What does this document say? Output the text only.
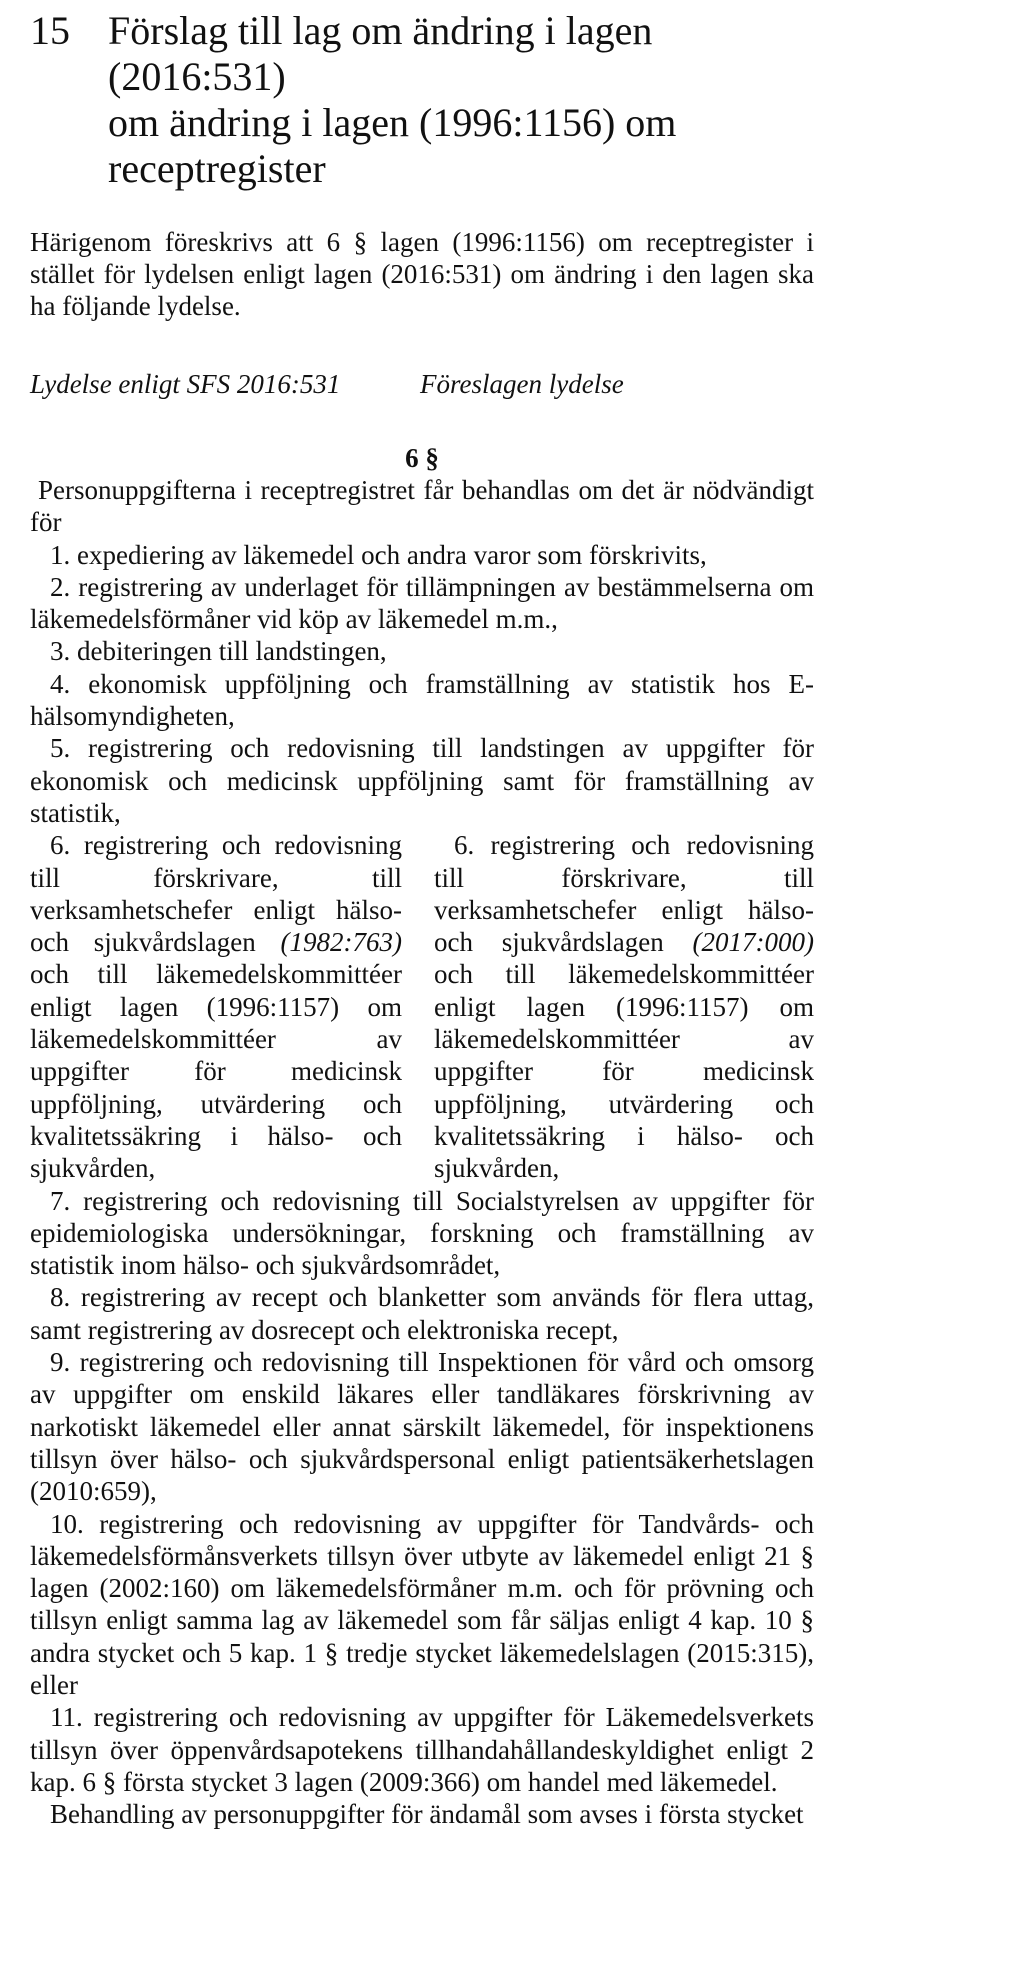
15 Förslag till lag om ändring i lagen (2016:531)
om ändring i lagen (1996:1156) om
receptregister

Härigenom föreskrivs att 6 § lagen (1996:1156) om receptregister i stället för lydelsen enligt lagen (2016:531) om ändring i den lagen ska ha följande lydelse.

Lydelse enligt SFS 2016:531	Föreslagen lydelse
6 §
Personuppgifterna i receptregistret får behandlas om det är nödvändigt för
1. expediering av läkemedel och andra varor som förskrivits,
2. registrering av underlaget för tillämpningen av bestämmelserna om läkemedelsförmåner vid köp av läkemedel m.m.,
3. debiteringen till landstingen,
4. ekonomisk uppföljning och framställning av statistik hos E-hälsomyndigheten,
5. registrering och redovisning till landstingen av uppgifter för ekonomisk och medicinsk uppföljning samt för framställning av statistik,
6. registrering och redovisning till förskrivare, till verksamhetschefer enligt hälso- och sjukvårdslagen (1982:763) och till läkemedelskommittéer enligt lagen (1996:1157) om läkemedelskommittéer av uppgifter för medicinsk uppföljning, utvärdering och kvalitetssäkring i hälso- och sjukvården,
6. registrering och redovisning till förskrivare, till verksamhetschefer enligt hälso- och sjukvårdslagen (2017:000) och till läkemedelskommittéer enligt lagen (1996:1157) om läkemedelskommittéer av uppgifter för medicinsk uppföljning, utvärdering och kvalitetssäkring i hälso- och sjukvården,
7. registrering och redovisning till Socialstyrelsen av uppgifter för epidemiologiska undersökningar, forskning och framställning av statistik inom hälso- och sjukvårdsområdet,
8. registrering av recept och blanketter som används för flera uttag, samt registrering av dosrecept och elektroniska recept,
9. registrering och redovisning till Inspektionen för vård och omsorg av uppgifter om enskild läkares eller tandläkares förskrivning av narkotiskt läkemedel eller annat särskilt läkemedel, för inspektionens tillsyn över hälso- och sjukvårdspersonal enligt patientsäkerhetslagen (2010:659),
10. registrering och redovisning av uppgifter för Tandvårds- och läkemedelsförmånsverkets tillsyn över utbyte av läkemedel enligt 21 § lagen (2002:160) om läkemedelsförmåner m.m. och för prövning och tillsyn enligt samma lag av läkemedel som får säljas enligt 4 kap. 10 § andra stycket och 5 kap. 1 § tredje stycket läkemedelslagen (2015:315), eller
11. registrering och redovisning av uppgifter för Läkemedelsverkets tillsyn över öppenvårdsapotekens tillhandahållandeskyldighet enligt 2 kap. 6 § första stycket 3 lagen (2009:366) om handel med läkemedel.
Behandling av personuppgifter för ändamål som avses i första stycket
